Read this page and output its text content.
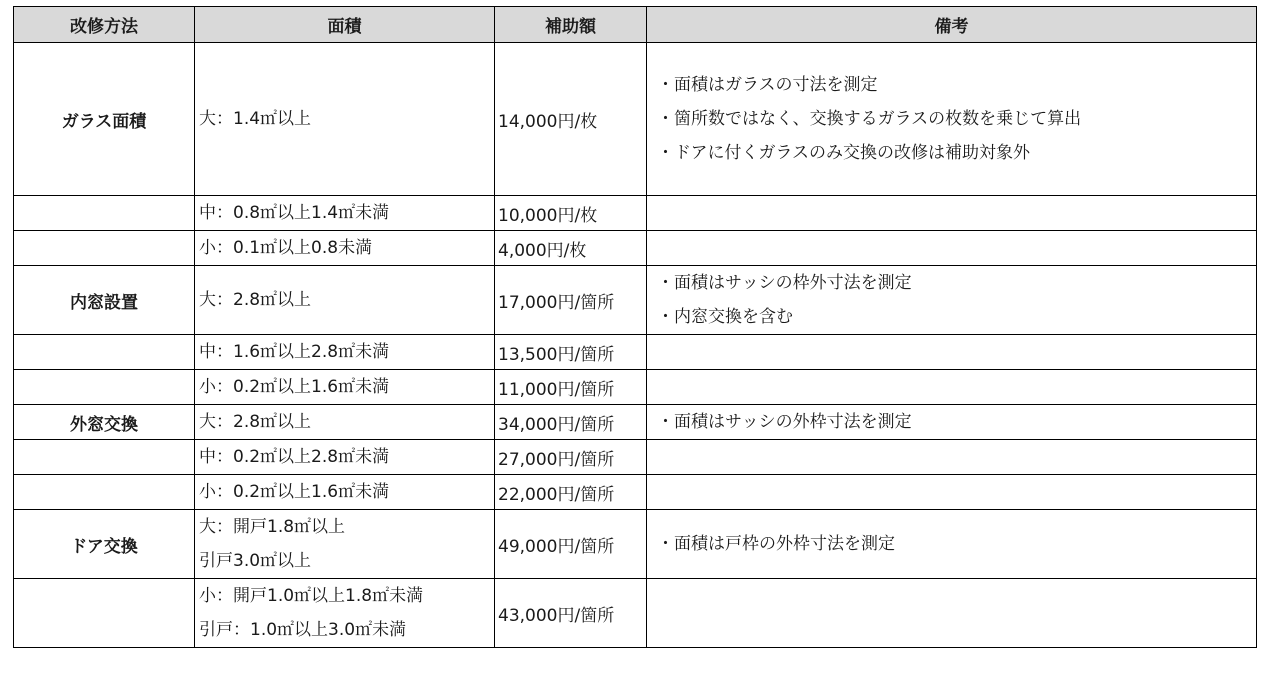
改修方法	面積	補助額	備考
ガラス面積	大：1.4㎡以上	14,000円/枚	・面積はガラスの寸法を測定
・箇所数ではなく、交換するガラスの枚数を乗じて算出
・ドアに付くガラスのみ交換の改修は補助対象外

	中：0.8㎡以上1.4㎡未満	10,000円/枚	

	小：0.1㎡以上0.8未満	4,000円/枚	
内窓設置	大：2.8㎡以上	17,000円/箇所	・面積はサッシの枠外寸法を測定
・内窓交換を含む

	中：1.6㎡以上2.8㎡未満	13,500円/箇所	

	小：0.2㎡以上1.6㎡未満	11,000円/箇所	
外窓交換	大：2.8㎡以上	34,000円/箇所	・面積はサッシの外枠寸法を測定

	中：0.2㎡以上2.8㎡未満	27,000円/箇所	

	小：0.2㎡以上1.6㎡未満	22,000円/箇所	
ドア交換	大：開戸1.8㎡以上
引戸3.0㎡以上	49,000円/箇所	・面積は戸枠の外枠寸法を測定

	小：開戸1.0㎡以上1.8㎡未満
引戸：1.0㎡以上3.0㎡未満	43,000円/箇所	
